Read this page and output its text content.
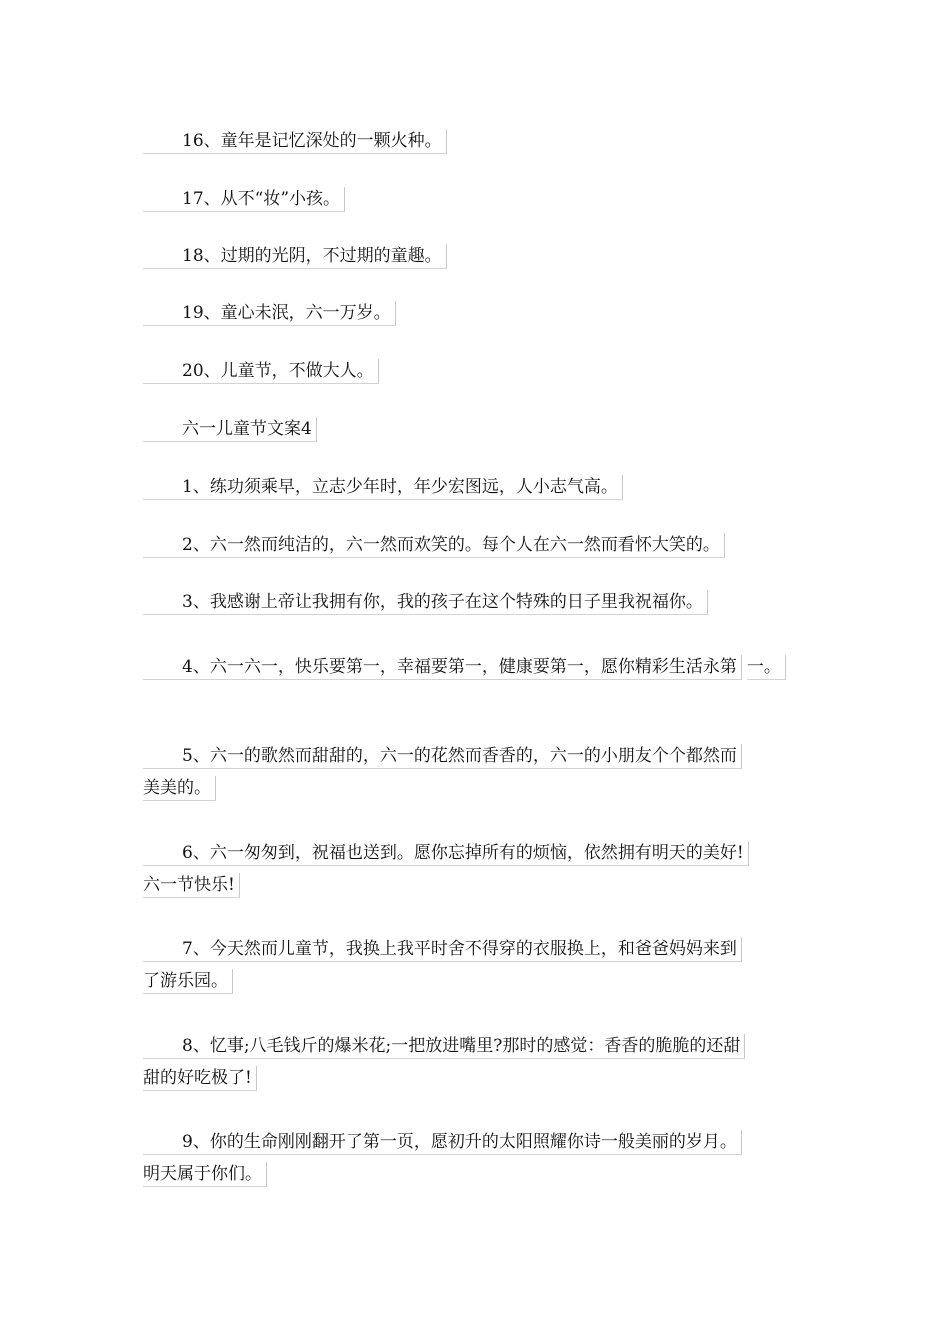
16、童年是记忆深处的一颗火种。
17、从不“妆”小孩。
18、过期的光阴，不过期的童趣。
19、童心未泯，六一万岁。
20、儿童节，不做大人。
六一儿童节文案4
1、练功须乘早，立志少年时，年少宏图远，人小志气高。
2、六一然而纯洁的，六一然而欢笑的。每个人在六一然而看怀大笑的。
3、我感谢上帝让我拥有你，我的孩子在这个特殊的日子里我祝福你。
4、六一六一，快乐要第一，幸福要第一，健康要第一，愿你精彩生活永第 一。
5、六一的歌然而甜甜的，六一的花然而香香的，六一的小朋友个个都然而 美美的。
6、六一匆匆到，祝福也送到。愿你忘掉所有的烦恼，依然拥有明天的美好! 六一节快乐!
7、今天然而儿童节，我换上我平时舍不得穿的衣服换上，和爸爸妈妈来到 了游乐园。
8、忆事;八毛钱斤的爆米花;一把放进嘴里?那时的感觉：香香的脆脆的还甜 甜的好吃极了!
9、你的生命刚刚翻开了第一页，愿初升的太阳照耀你诗一般美丽的岁月。 明天属于你们。
